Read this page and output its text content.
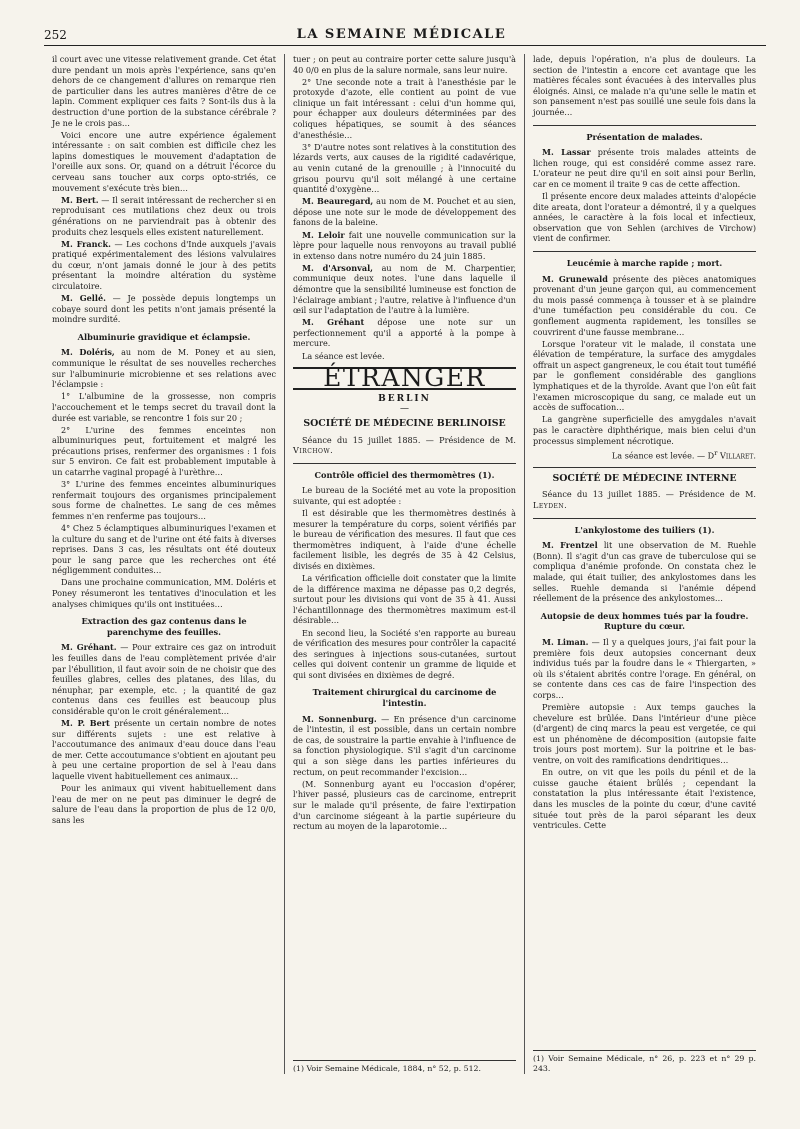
252	LA SEMAINE MÉDICALE

il court avec une vitesse relativement grande. Cet état dure pendant un mois après l'expérience, sans qu'en dehors de ce changement d'allures on remarque rien de particulier dans les autres manières d'être de ce lapin. Comment expliquer ces faits ? Sont-ils dus à la destruction d'une portion de la substance cérébrale ? Je ne le crois pas…

Voici encore une autre expérience également intéressante : on sait combien est difficile chez les lapins domestiques le mouvement d'adaptation de l'oreille aux sons. Or, quand on a détruit l'écorce du cerveau sans toucher aux corps opto-striés, ce mouvement s'exécute très bien…

M. Bert. — Il serait intéressant de rechercher si en reproduisant ces mutilations chez deux ou trois générations on ne parviendrait pas à obtenir des produits chez lesquels elles existent naturellement.

M. Franck. — Les cochons d'Inde auxquels j'avais pratiqué expérimentalement des lésions valvulaires du cœur, n'ont jamais donné le jour à des petits présentant la moindre altération du système circulatoire.

M. Gellé. — Je possède depuis longtemps un cobaye sourd dont les petits n'ont jamais présenté la moindre surdité.

Albuminurie gravidique et éclampsie.

M. Doléris, au nom de M. Poney et au sien, communique le résultat de ses nouvelles recherches sur l'albuminurie microbienne et ses relations avec l'éclampsie :

1° L'albumine de la grossesse, non compris l'accouchement et le temps secret du travail dont la durée est variable, se rencontre 1 fois sur 20 ;

2° L'urine des femmes enceintes non albuminuriques peut, fortuitement et malgré les précautions prises, renfermer des organismes : 1 fois sur 5 environ. Ce fait est probablement imputable à un catarrhe vaginal propagé à l'urèthre…

3° L'urine des femmes enceintes albuminuriques renfermait toujours des organismes principalement sous forme de chaînettes. Le sang de ces mêmes femmes n'en renferme pas toujours…

4° Chez 5 éclamptiques albuminuriques l'examen et la culture du sang et de l'urine ont été faits à diverses reprises. Dans 3 cas, les résultats ont été douteux pour le sang parce que les recherches ont été négligemment conduites…

Dans une prochaine communication, MM. Doléris et Poney résumeront les tentatives d'inoculation et les analyses chimiques qu'ils ont instituées…

Extraction des gaz contenus dans le parenchyme des feuilles.

M. Gréhant. — Pour extraire ces gaz on introduit les feuilles dans de l'eau complètement privée d'air par l'ébullition, il faut avoir soin de ne choisir que des feuilles glabres, celles des platanes, des lilas, du nénuphar, par exemple, etc. ; la quantité de gaz contenus dans ces feuilles est beaucoup plus considérable qu'on le croit généralement…

M. P. Bert présente un certain nombre de notes sur différents sujets : une est relative à l'accoutumance des animaux d'eau douce dans l'eau de mer. Cette accoutumance s'obtient en ajoutant peu à peu une certaine proportion de sel à l'eau dans laquelle vivent habituellement ces animaux…

Pour les animaux qui vivent habituellement dans l'eau de mer on ne peut pas diminuer le degré de salure de l'eau dans la proportion de plus de 12 0/0, sans les

tuer ; on peut au contraire porter cette salure jusqu'à 40 0/0 en plus de la salure normale, sans leur nuire.

2° Une seconde note a trait à l'anesthésie par le protoxyde d'azote, elle contient au point de vue clinique un fait intéressant : celui d'un homme qui, pour échapper aux douleurs déterminées par des coliques hépatiques, se soumit à des séances d'anesthésie…

3° D'autre notes sont relatives à la constitution des lézards verts, aux causes de la rigidité cadavérique, au venin cutané de la grenouille ; à l'innocuité du grisou pourvu qu'il soit mélangé à une certaine quantité d'oxygène…

M. Beauregard, au nom de M. Pouchet et au sien, dépose une note sur le mode de développement des fanons de la baleine.

M. Leloir fait une nouvelle communication sur la lèpre pour laquelle nous renvoyons au travail publié in extenso dans notre numéro du 24 juin 1885.

M. d'Arsonval, au nom de M. Charpentier, communique deux notes. l'une dans laquelle il démontre que la sensibilité lumineuse est fonction de l'éclairage ambiant ; l'autre, relative à l'influence d'un œil sur l'adaptation de l'autre à la lumière.

M. Gréhant dépose une note sur un perfectionnement qu'il a apporté à la pompe à mercure.

La séance est levée.

ÉTRANGER
BERLIN
—
SOCIÉTÉ DE MÉDECINE BERLINOISE

Séance du 15 juillet 1885. — Présidence de M. Virchow.

Contrôle officiel des thermomètres (1).

Le bureau de la Société met au vote la proposition suivante, qui est adoptée :

Il est désirable que les thermomètres destinés à mesurer la température du corps, soient vérifiés par le bureau de vérification des mesures. Il faut que ces thermomètres indiquent, à l'aide d'une échelle facilement lisible, les degrés de 35 à 42 Celsius, divisés en dixièmes.

La vérification officielle doit constater que la limite de la différence maxima ne dépasse pas 0,2 degrés, surtout pour les divisions qui vont de 35 à 41. Aussi l'échantillonnage des thermomètres maximum est-il désirable…

En second lieu, la Société s'en rapporte au bureau de vérification des mesures pour contrôler la capacité des seringues à injections sous-cutanées, surtout celles qui doivent contenir un gramme de liquide et qui sont divisées en dixièmes de degré.

Traitement chirurgical du carcinome de l'intestin.

M. Sonnenburg. — En présence d'un carcinome de l'intestin, il est possible, dans un certain nombre de cas, de soustraire la partie envahie à l'influence de sa fonction physiologique. S'il s'agit d'un carcinome qui a son siège dans les parties inférieures du rectum, on peut recommander l'excision…

(M. Sonnenburg ayant eu l'occasion d'opérer, l'hiver passé, plusieurs cas de carcinome, entreprit sur le malade qu'il présente, de faire l'extirpation d'un carcinome siégeant à la partie supérieure du rectum au moyen de la laparotomie…

(1) Voir Semaine Médicale, 1884, n° 52, p. 512.

lade, depuis l'opération, n'a plus de douleurs. La section de l'intestin a encore cet avantage que les matières fécales sont évacuées à des intervalles plus éloignés. Ainsi, ce malade n'a qu'une selle le matin et son pansement n'est pas souillé une seule fois dans la journée…

Présentation de malades.

M. Lassar présente trois malades atteints de lichen rouge, qui est considéré comme assez rare. L'orateur ne peut dire qu'il en soit ainsi pour Berlin, car en ce moment il traite 9 cas de cette affection.

Il présente encore deux malades atteints d'alopécie dite areata, dont l'orateur a démontré, il y a quelques années, le caractère à la fois local et infectieux, observation que von Sehlen (archives de Virchow) vient de confirmer.

Leucémie à marche rapide ; mort.

M. Grunewald présente des pièces anatomiques provenant d'un jeune garçon qui, au commencement du mois passé commença à tousser et à se plaindre d'une tuméfaction peu considérable du cou. Ce gonflement augmenta rapidement, les tonsilles se couvrirent d'une fausse membrane…

Lorsque l'orateur vit le malade, il constata une élévation de température, la surface des amygdales offrait un aspect gangreneux, le cou était tout tuméfié par le gonflement considérable des ganglions lymphatiques et de la thyroïde. Avant que l'on eût fait l'examen microscopique du sang, ce malade eut un accès de suffocation…

La gangrène superficielle des amygdales n'avait pas le caractère diphthérique, mais bien celui d'un processus simplement nécrotique.

La séance est levée. — $D^r$ Villaret.

SOCIÉTÉ DE MÉDECINE INTERNE

Séance du 13 juillet 1885. — Présidence de M. Leyden.

L'ankylostome des tuiliers (1).

M. Frentzel lit une observation de M. Ruehle (Bonn). Il s'agit d'un cas grave de tuberculose qui se compliqua d'anémie profonde. On constata chez le malade, qui était tuilier, des ankylostomes dans les selles. Ruehle demanda si l'anémie dépend réellement de la présence des ankylostomes…

Autopsie de deux hommes tués par la foudre. Rupture du cœur.

M. Liman. — Il y a quelques jours, j'ai fait pour la première fois deux autopsies concernant deux individus tués par la foudre dans le « Thiergarten, » où ils s'étaient abrités contre l'orage. En général, on se contente dans ces cas de faire l'inspection des corps…

Première autopsie : Aux temps gauches la chevelure est brûlée. Dans l'intérieur d'une pièce (d'argent) de cinq marcs la peau est vergetée, ce qui est un phénomène de décomposition (autopsie faite trois jours post mortem). Sur la poitrine et le bas-ventre, on voit des ramifications dendritiques…

En outre, on vit que les poils du pénil et de la cuisse gauche étaient brûlés ; cependant la constatation la plus intéressante était l'existence, dans les muscles de la pointe du cœur, d'une cavité située tout près de la paroi séparant les deux ventricules. Cette

(1) Voir Semaine Médicale, n° 26, p. 223 et n° 29 p. 243.
